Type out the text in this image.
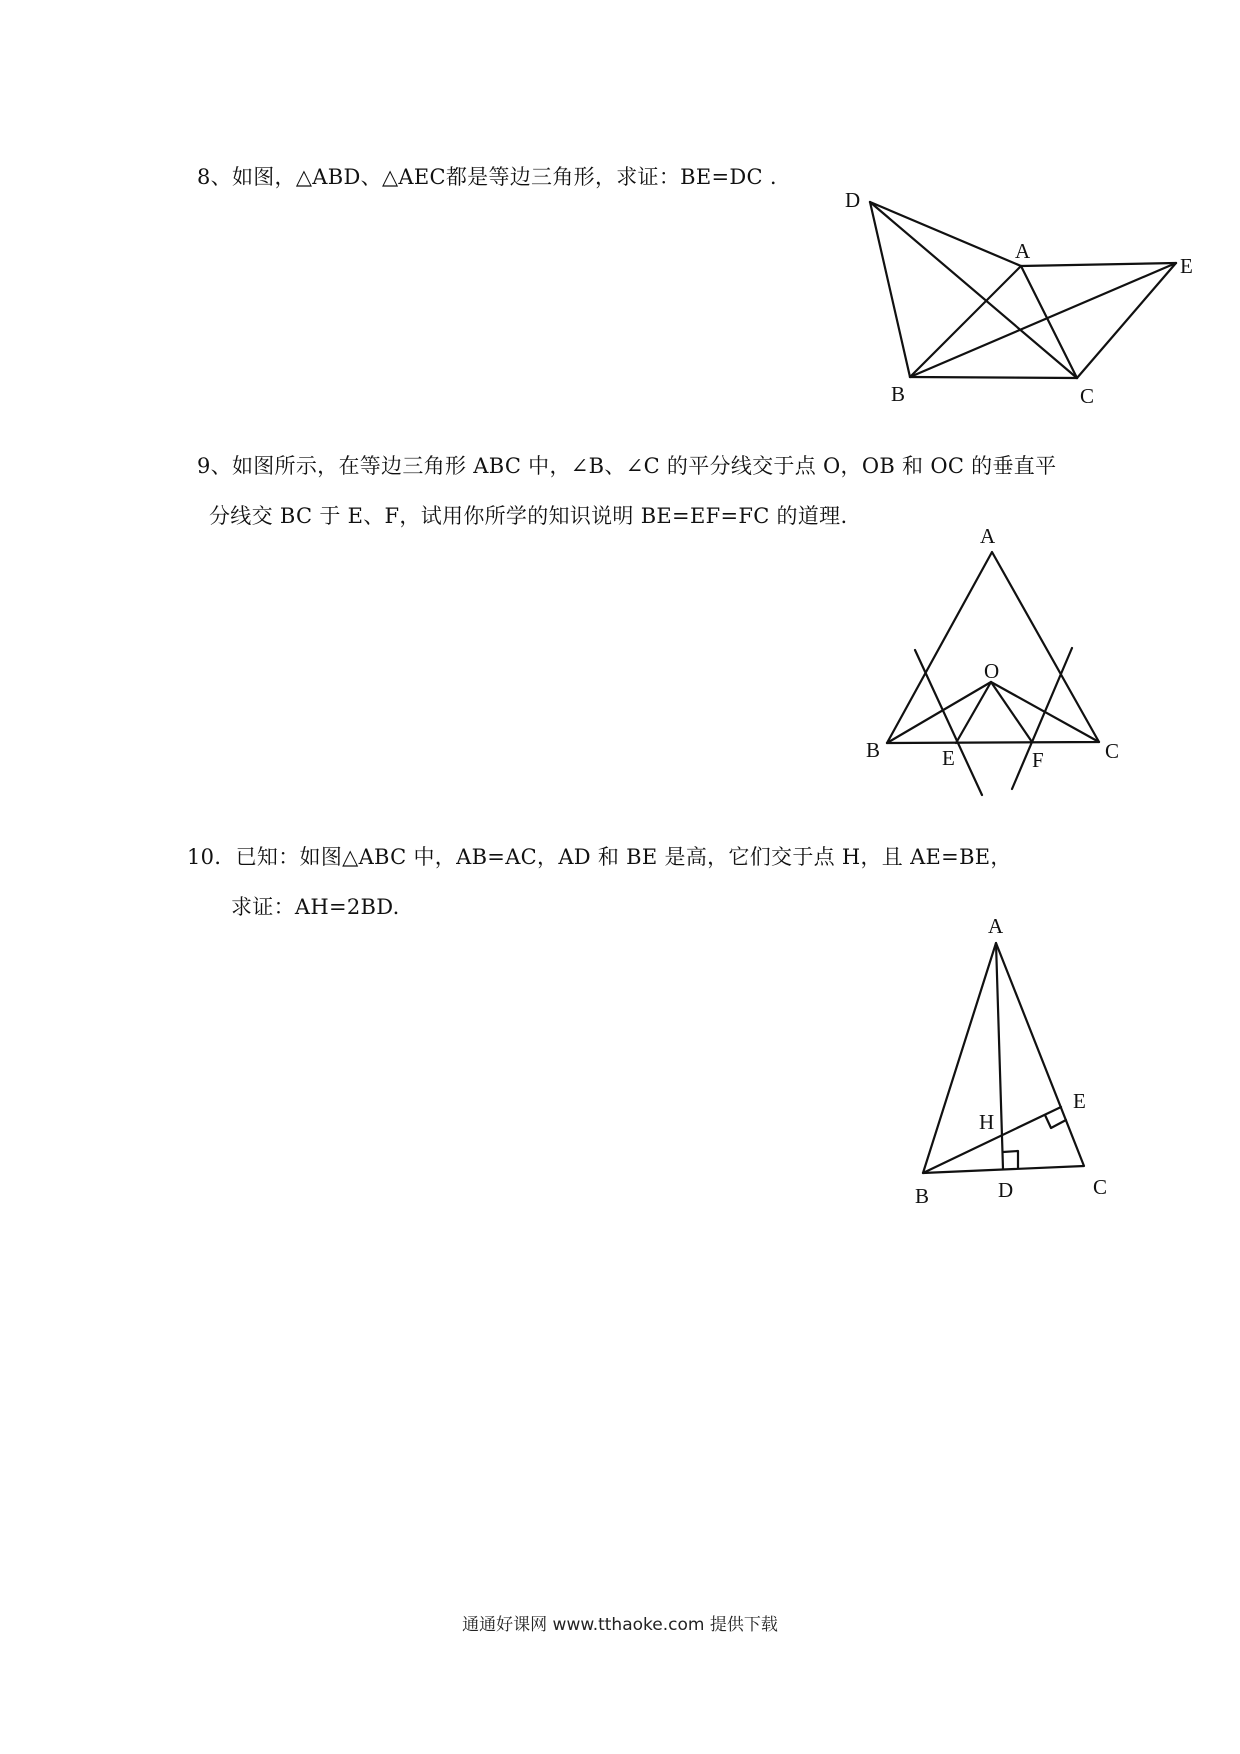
8、如图，△ABD、△AEC都是等边三角形，求证：BE=DC .
D
A
E
B	C
9、如图所示，在等边三角形 ABC 中，∠B、∠C 的平分线交于点 O，OB 和 OC 的垂直平
分线交 BC 于 E、F，试用你所学的知识说明 BE=EF=FC 的道理.
A
O
B	E	F	C
10．已知：如图△ABC 中，AB=AC，AD 和 BE 是高，它们交于点 H，且 AE=BE，
求证：AH=2BD.
A
E
H
B	D	C
通通好课网 www.tthaoke.com 提供下载
